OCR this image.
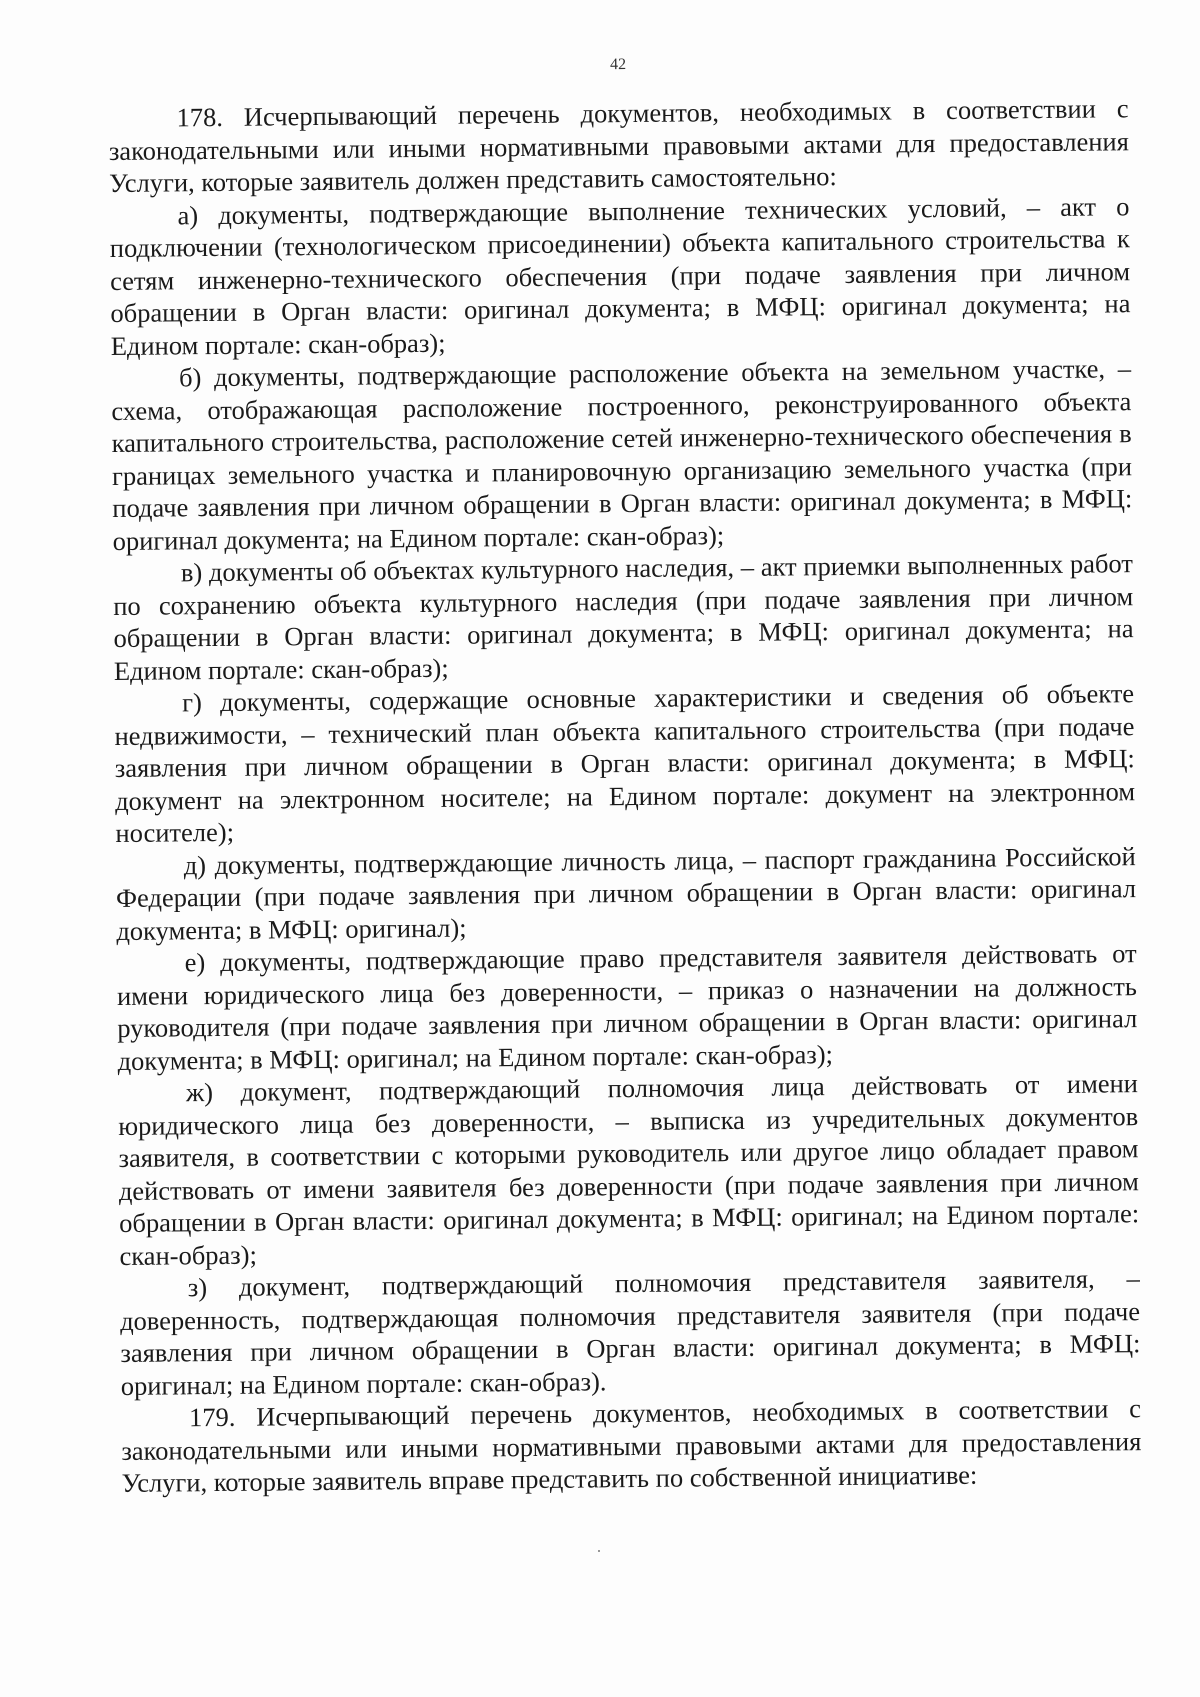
42

178. Исчерпывающий перечень документов, необходимых в соответствии с законодательными или иными нормативными правовыми актами для предоставления Услуги, которые заявитель должен представить самостоятельно:

а) документы, подтверждающие выполнение технических условий, – акт о подключении (технологическом присоединении) объекта капитального строительства к сетям инженерно-технического обеспечения (при подаче заявления при личном обращении в Орган власти: оригинал документа; в МФЦ: оригинал документа; на Едином портале: скан-образ);

б) документы, подтверждающие расположение объекта на земельном участке, – схема, отображающая расположение построенного, реконструированного объекта капитального строительства, расположение сетей инженерно-технического обеспечения в границах земельного участка и планировочную организацию земельного участка (при подаче заявления при личном обращении в Орган власти: оригинал документа; в МФЦ: оригинал документа; на Едином портале: скан-образ);

в) документы об объектах культурного наследия, – акт приемки выполненных работ по сохранению объекта культурного наследия (при подаче заявления при личном обращении в Орган власти: оригинал документа; в МФЦ: оригинал документа; на Едином портале: скан-образ);

г) документы, содержащие основные характеристики и сведения об объекте недвижимости, – технический план объекта капитального строительства (при подаче заявления при личном обращении в Орган власти: оригинал документа; в МФЦ: документ на электронном носителе; на Едином портале: документ на электронном носителе);

д) документы, подтверждающие личность лица, – паспорт гражданина Российской Федерации (при подаче заявления при личном обращении в Орган власти: оригинал документа; в МФЦ: оригинал);

е) документы, подтверждающие право представителя заявителя действовать от имени юридического лица без доверенности, – приказ о назначении на должность руководителя (при подаче заявления при личном обращении в Орган власти: оригинал документа; в МФЦ: оригинал; на Едином портале: скан-образ);

ж) документ, подтверждающий полномочия лица действовать от имени юридического лица без доверенности, – выписка из учредительных документов заявителя, в соответствии с которыми руководитель или другое лицо обладает правом действовать от имени заявителя без доверенности (при подаче заявления при личном обращении в Орган власти: оригинал документа; в МФЦ: оригинал; на Едином портале: скан-образ);

з) документ, подтверждающий полномочия представителя заявителя, – доверенность, подтверждающая полномочия представителя заявителя (при подаче заявления при личном обращении в Орган власти: оригинал документа; в МФЦ: оригинал; на Едином портале: скан-образ).

179. Исчерпывающий перечень документов, необходимых в соответствии с законодательными или иными нормативными правовыми актами для предоставления Услуги, которые заявитель вправе представить по собственной инициативе:
